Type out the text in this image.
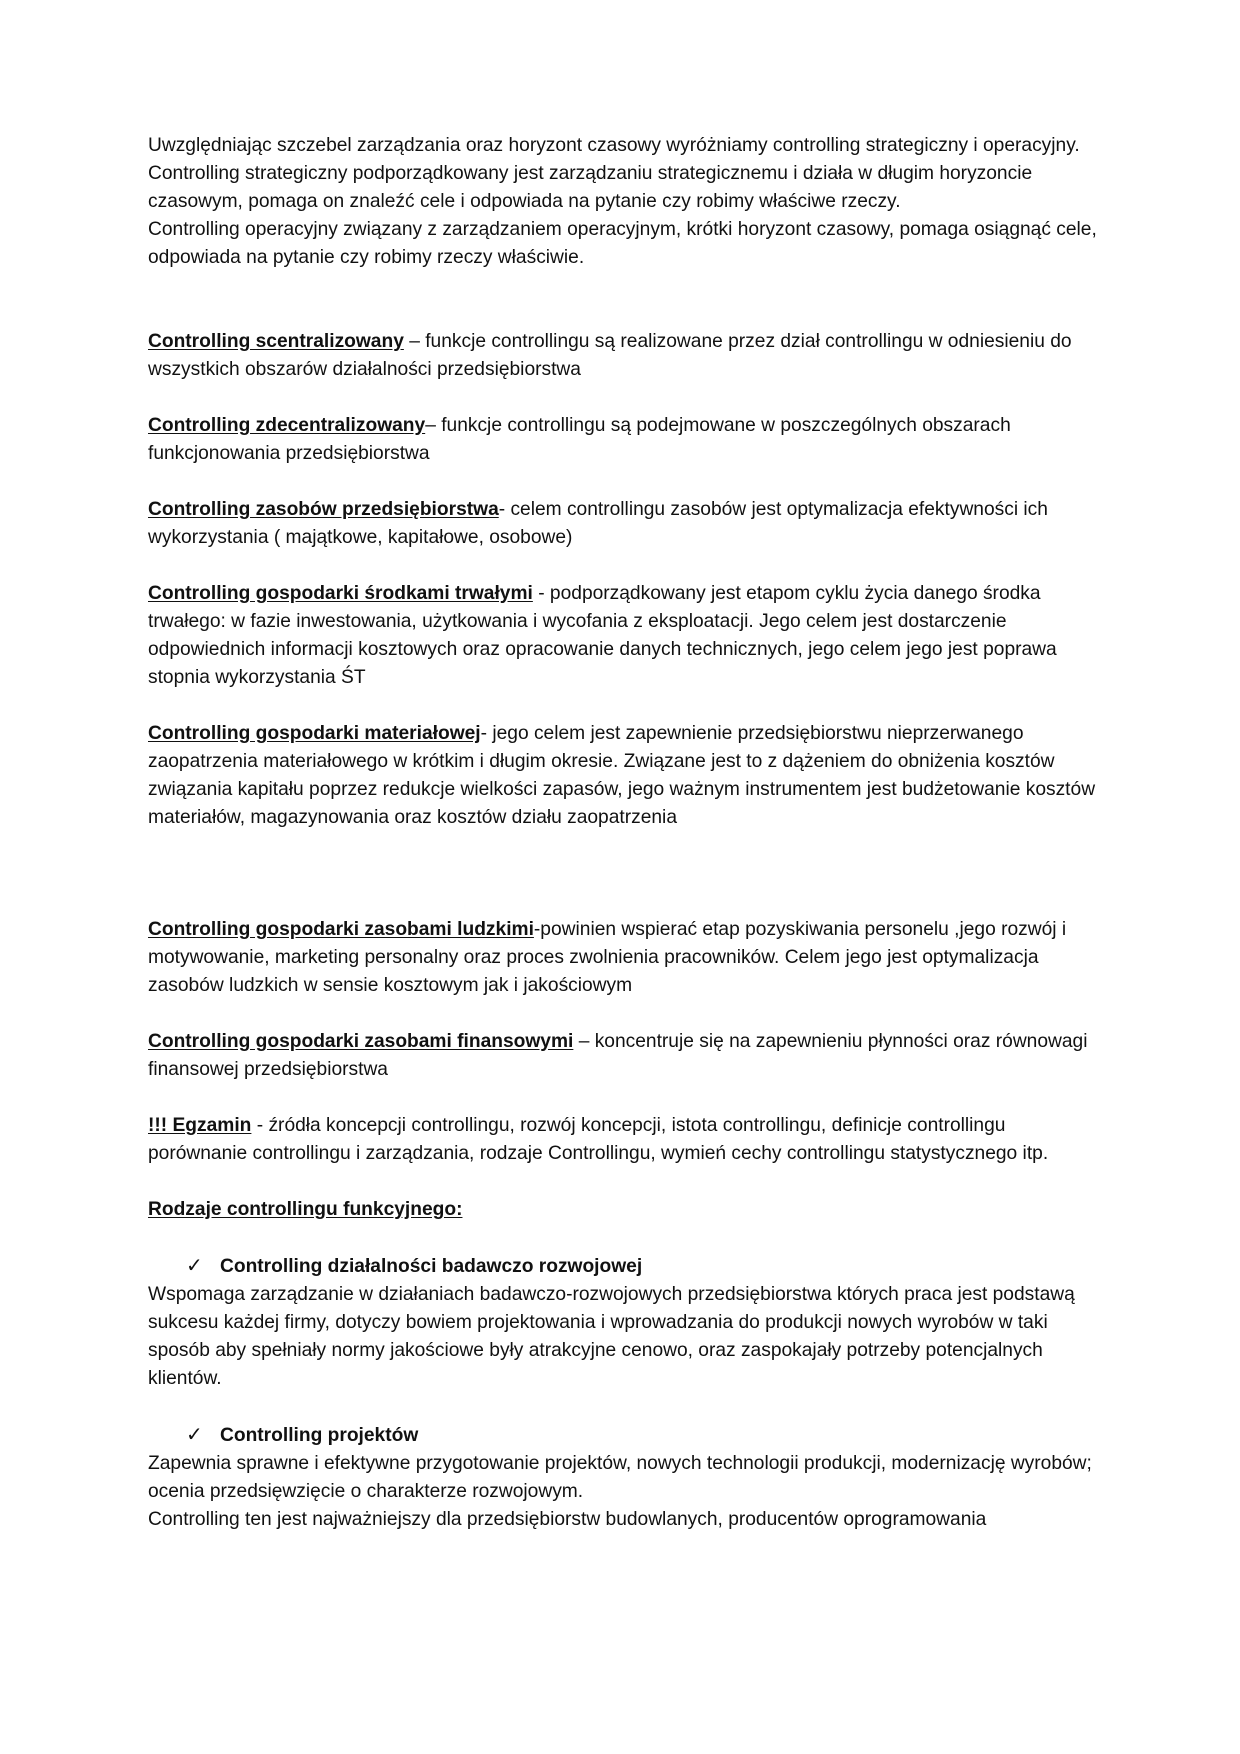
Uwzględniając szczebel zarządzania oraz horyzont czasowy wyróżniamy controlling strategiczny i operacyjny.

Controlling strategiczny podporządkowany jest zarządzaniu strategicznemu i działa w długim horyzoncie czasowym, pomaga on znaleźć cele i odpowiada na pytanie czy robimy właściwe rzeczy.

Controlling operacyjny związany z zarządzaniem operacyjnym, krótki horyzont czasowy, pomaga osiągnąć cele, odpowiada na pytanie czy robimy rzeczy właściwie.

Controlling scentralizowany – funkcje controllingu są realizowane przez dział controllingu w odniesieniu do wszystkich obszarów działalności przedsiębiorstwa

Controlling zdecentralizowany– funkcje controllingu są podejmowane w poszczególnych obszarach funkcjonowania przedsiębiorstwa

Controlling zasobów przedsiębiorstwa- celem controllingu zasobów jest optymalizacja efektywności ich wykorzystania ( majątkowe, kapitałowe, osobowe)

Controlling gospodarki środkami trwałymi - podporządkowany jest etapom cyklu życia danego środka trwałego: w fazie inwestowania, użytkowania i wycofania z eksploatacji. Jego celem jest dostarczenie odpowiednich informacji kosztowych oraz opracowanie danych technicznych, jego celem jego jest poprawa stopnia wykorzystania ŚT

Controlling gospodarki materiałowej- jego celem jest zapewnienie przedsiębiorstwu nieprzerwanego zaopatrzenia materiałowego w krótkim i długim okresie. Związane jest to z dążeniem do obniżenia kosztów związania kapitału poprzez redukcje wielkości zapasów, jego ważnym instrumentem jest budżetowanie kosztów materiałów, magazynowania oraz kosztów działu zaopatrzenia

Controlling gospodarki zasobami ludzkimi-powinien wspierać etap pozyskiwania personelu ,jego rozwój i motywowanie, marketing personalny oraz proces zwolnienia pracowników. Celem jego jest optymalizacja zasobów ludzkich w sensie kosztowym jak i jakościowym

Controlling gospodarki zasobami finansowymi – koncentruje się na zapewnieniu płynności oraz równowagi finansowej przedsiębiorstwa

!!! Egzamin - źródła koncepcji controllingu, rozwój koncepcji, istota controllingu, definicje controllingu porównanie controllingu i zarządzania, rodzaje Controllingu, wymień cechy controllingu statystycznego itp.

Rodzaje controllingu funkcyjnego:

✓ Controlling działalności badawczo rozwojowej

Wspomaga zarządzanie w działaniach badawczo-rozwojowych przedsiębiorstwa których praca jest podstawą sukcesu każdej firmy, dotyczy bowiem projektowania i wprowadzania do produkcji nowych wyrobów w taki sposób aby spełniały normy jakościowe były atrakcyjne cenowo, oraz zaspokajały potrzeby potencjalnych klientów.

✓ Controlling projektów

Zapewnia sprawne i efektywne przygotowanie projektów, nowych technologii produkcji, modernizację wyrobów; ocenia przedsięwzięcie o charakterze rozwojowym.

Controlling ten jest najważniejszy dla przedsiębiorstw budowlanych, producentów oprogramowania
